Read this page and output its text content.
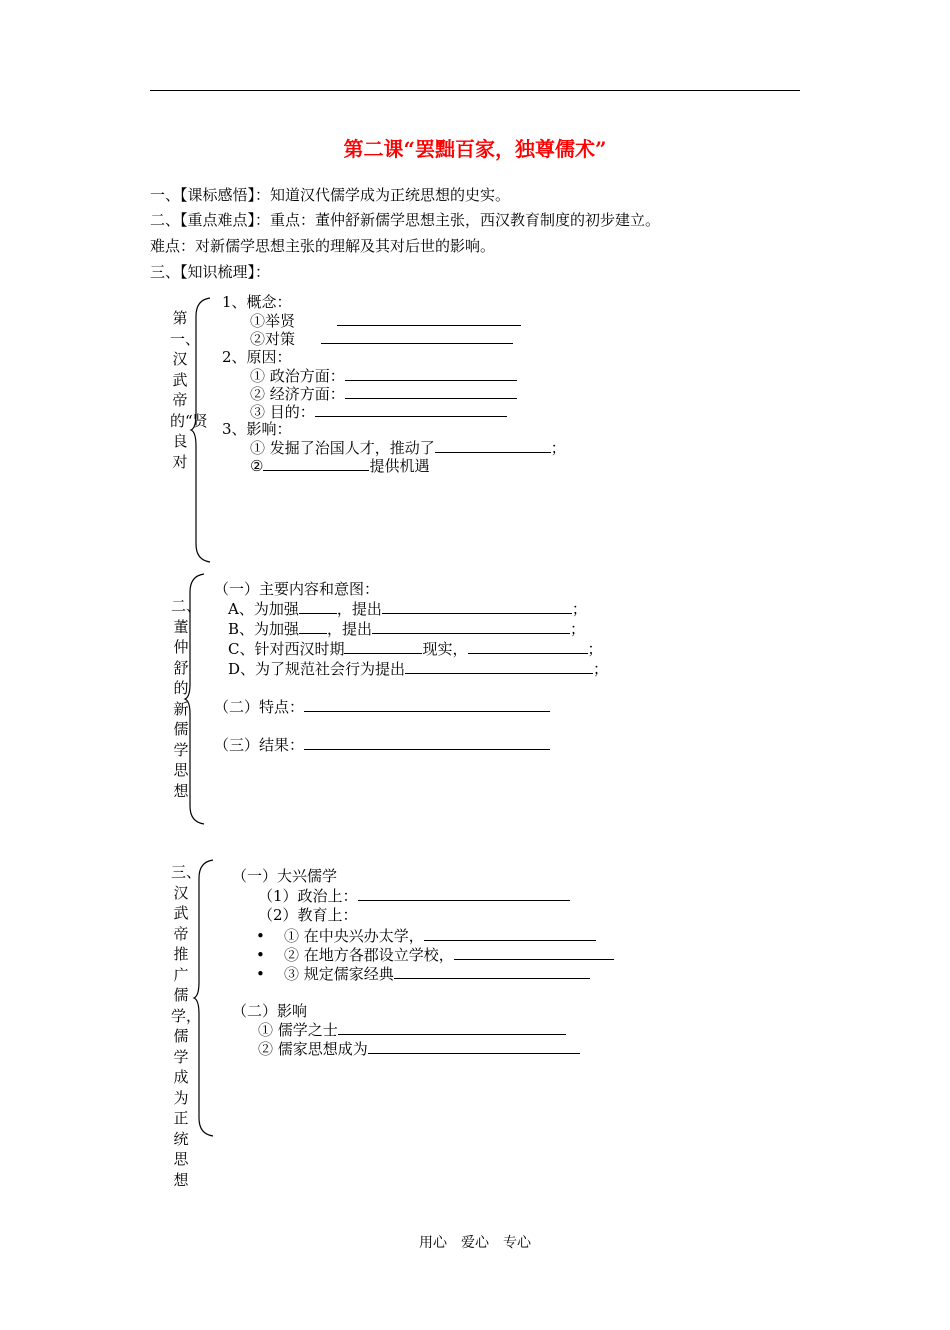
第二课“罢黜百家，独尊儒术”
一、【课标感悟】：知道汉代儒学成为正统思想的史实。
二、【重点难点】：重点：董仲舒新儒学思想主张，西汉教育制度的初步建立。
难点：对新儒学思想主张的理解及其对后世的影响。
三、【知识梳理】：
第一、汉武帝的“贤良对
1、概念：
①举贤
②对策
2、原因：
① 政治方面：
② 经济方面：
③ 目的：
3、影响：
① 发掘了治国人才，推动了	；
②	提供机遇
二、董仲舒的新儒学思想
（一）主要内容和意图：
A、为加强	，提出	；
B、为加强 ，提出	；
C、针对西汉时期	现实，	；
D、为了规范社会行为提出	；
（二）特点：
（三）结果：
三、汉武帝推广儒学，儒学成为正统思想
（一）大兴儒学
（1）政治上：
（2）教育上：
• ① 在中央兴办太学，
• ② 在地方各郡设立学校，
• ③ 规定儒家经典
（二）影响
① 儒学之士
② 儒家思想成为
用心　爱心　专心
